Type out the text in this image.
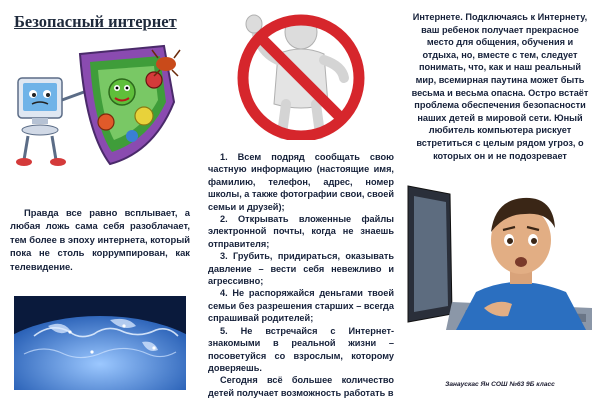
Безопасный интернет
Правда все равно всплывает, а любая ложь сама себя разоблачает, тем более в эпоху интернета, который пока не столь коррумпирован, как телевидение.
1. Всем подряд сообщать свою частную информацию (настоящие имя, фамилию, телефон, адрес, номер школы, а также фотографии свои, своей семьи и друзей);
2. Открывать вложенные файлы электронной почты, когда не знаешь отправителя;
3. Грубить, придираться, оказывать давление – вести себя невежливо и агрессивно;
4. Не распоряжайся деньгами твоей семьи без разрешения старших – всегда спрашивай родителей;
5. Не встречайся с Интернет-знакомыми в реальной жизни – посоветуйся со взрослым, которому доверяешь.
Сегодня всё большее количество детей получает возможность работать в
Интернете. Подключаясь к Интернету, ваш ребенок получает прекрасное место для общения, обучения и отдыха, но, вместе с тем, следует понимать, что, как и наш реальный мир, всемирная паутина может быть весьма и весьма опасна. Остро встаёт проблема обеспечения безопасности наших детей в мировой сети. Юный любитель компьютера рискует встретиться с целым рядом угроз, о которых он и не подозревает
Занаускас Ян СОШ №63 9Б класс
